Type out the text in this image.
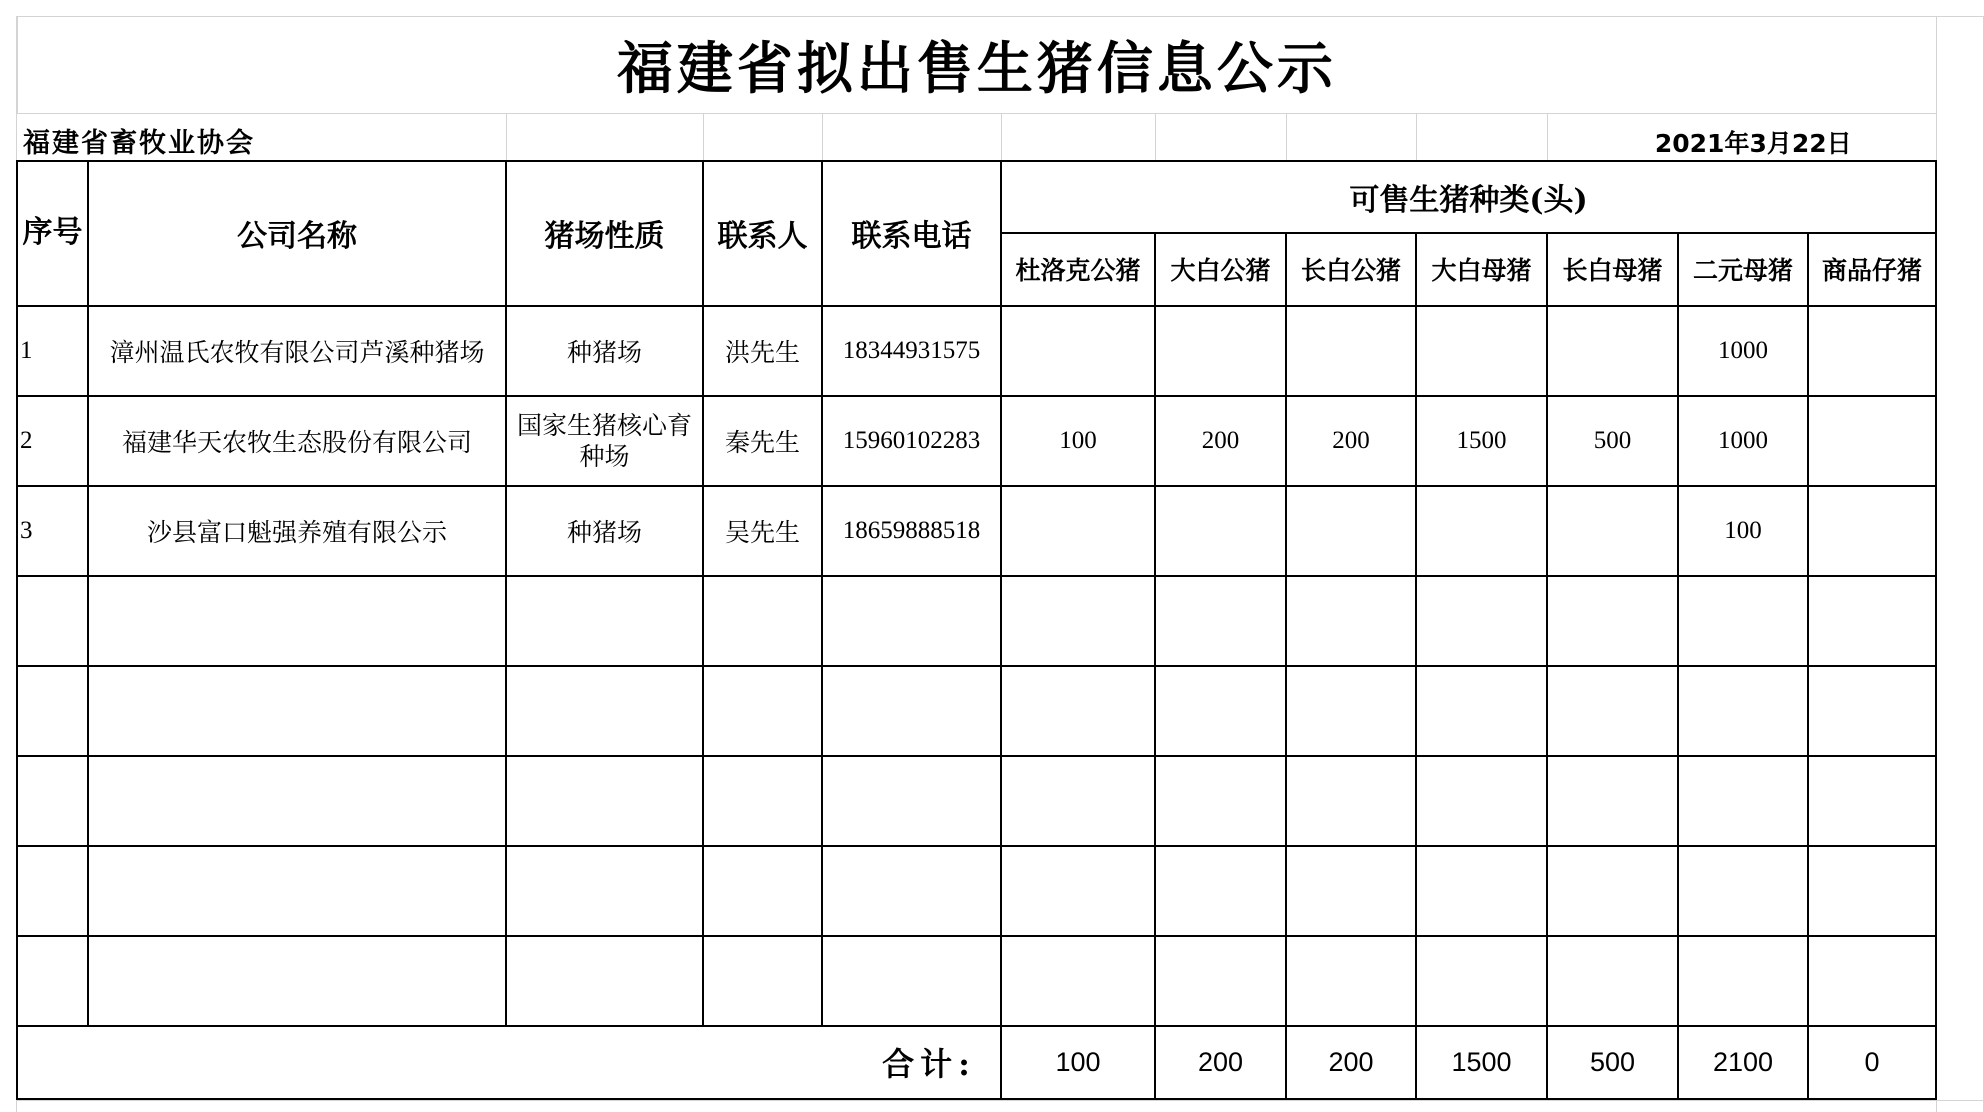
福建省拟出售生猪信息公示											
福建省畜牧业协会									2021年3月22日		
序号	公司名称	猪场性质	联系人	联系电话	可售生猪种类(头)						
					杜洛克公猪	大白公猪	长白公猪	大白母猪	长白母猪	二元母猪	商品仔猪
1	漳州温氏农牧有限公司芦溪种猪场	种猪场	洪先生	18344931575						1000	
2	福建华天农牧生态股份有限公司	国家生猪核心育种场	秦先生	15960102283	100	200	200	1500	500	1000	
3	沙县富口魁强养殖有限公示	种猪场	吴先生	18659888518						100	

合计:					100	200	200	1500	500	2100	0
